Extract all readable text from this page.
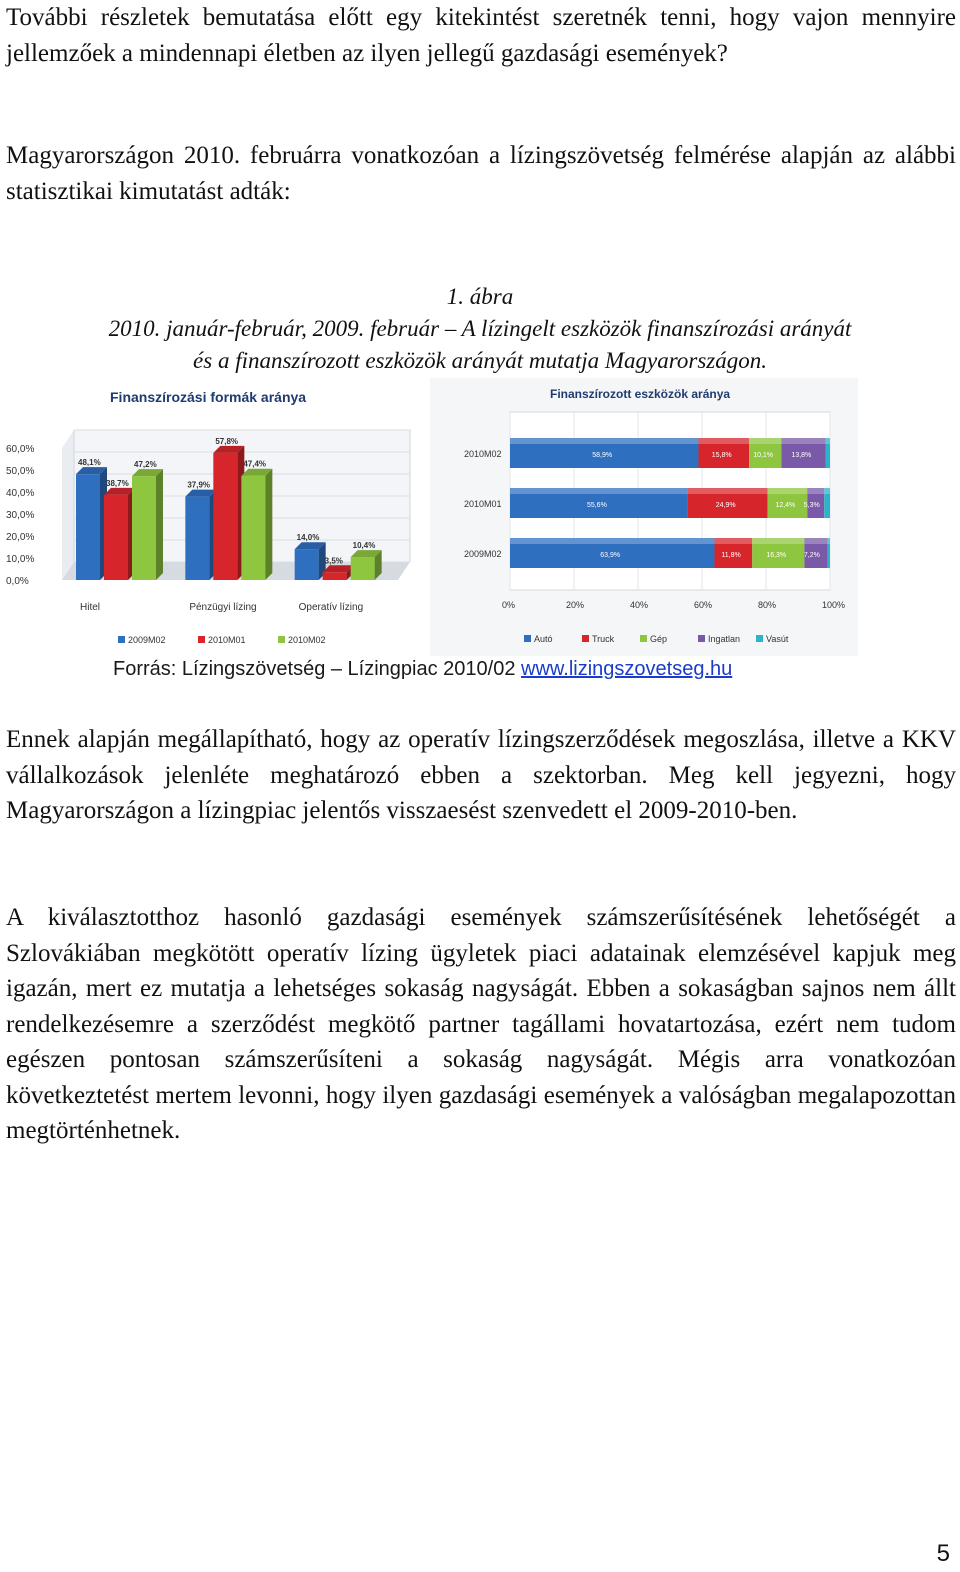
További részletek bemutatása előtt egy kitekintést szeretnék tenni, hogy vajon mennyire jellemzőek a mindennapi életben az ilyen jellegű gazdasági események?

Magyarországon 2010. februárra vonatkozóan a lízingszövetség felmérése alapján az alábbi statisztikai kimutatást adták:

1. ábra

2010. január-február, 2009. február – A lízingelt eszközök finanszírozási arányát

és a finanszírozott eszközök arányát mutatja Magyarországon.

Finanszírozási formák aránya
60,0%
50,0%
40,0%
30,0%
20,0%
10,0%
0,0%
48,1%
38,7%
47,2%
37,9%
57,8%
47,4%
14,0%
3,5%
10,4%
Hitel	Pénzügyi lízing	Operatív lízing
2009M02	2010M01	2010M02
Finanszírozott eszközök aránya
58,9%	15,8%	10,1%	13,8%
55,6%	24,9%	12,4% 5,3%
63,9%	11,8%	16,3%	7,2%
2010M02
2010M01
2009M02
0%	20%	40%	60%	80%	100%
Autó	Truck	Gép	Ingatlan	Vasút
Forrás: Lízingszövetség – Lízingpiac 2010/02 www.lizingszovetseg.hu

Ennek alapján megállapítható, hogy az operatív lízingszerződések megoszlása, illetve a KKV vállalkozások jelenléte meghatározó ebben a szektorban. Meg kell jegyezni, hogy Magyarországon a lízingpiac jelentős visszaesést szenvedett el 2009-2010-ben.

A kiválasztotthoz hasonló gazdasági események számszerűsítésének lehetőségét a Szlovákiában megkötött operatív lízing ügyletek piaci adatainak elemzésével kapjuk meg igazán, mert ez mutatja a lehetséges sokaság nagyságát. Ebben a sokaságban sajnos nem állt rendelkezésemre a szerződést megkötő partner tagállami hovatartozása, ezért nem tudom egészen pontosan számszerűsíteni a sokaság nagyságát. Mégis arra vonatkozóan következtetést mertem levonni, hogy ilyen gazdasági események a valóságban megalapozottan megtörténhetnek.

5
